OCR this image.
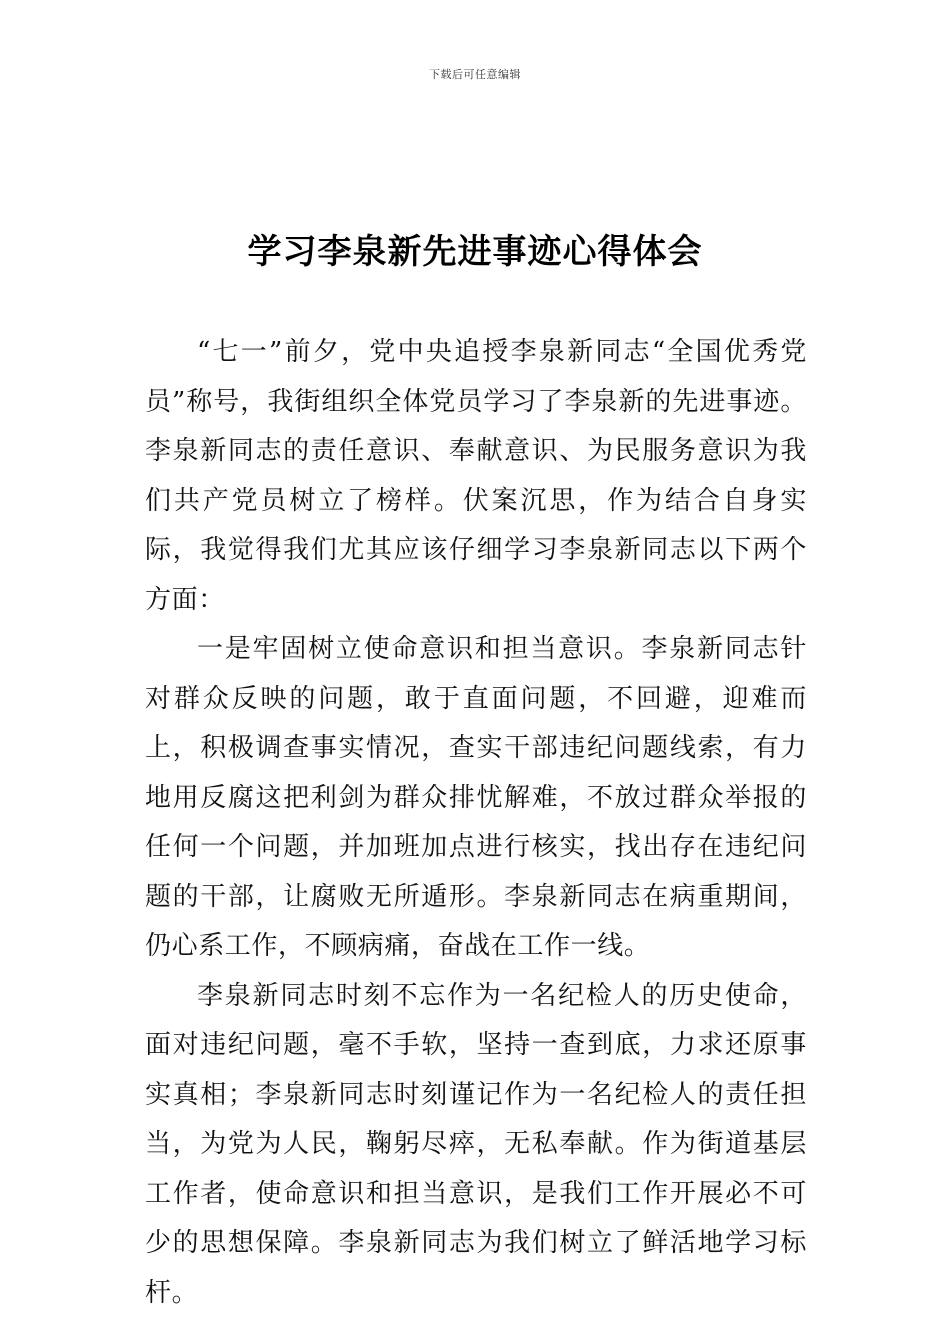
下载后可任意编辑
学习李泉新先进事迹心得体会

“七一”前夕，党中央追授李泉新同志“全国优秀党员”称号，我街组织全体党员学习了李泉新的先进事迹。李泉新同志的责任意识、奉献意识、为民服务意识为我们共产党员树立了榜样。伏案沉思，作为结合自身实际，我觉得我们尤其应该仔细学习李泉新同志以下两个方面：

一是牢固树立使命意识和担当意识。李泉新同志针对群众反映的问题，敢于直面问题，不回避，迎难而上，积极调查事实情况，查实干部违纪问题线索，有力地用反腐这把利剑为群众排忧解难，不放过群众举报的任何一个问题，并加班加点进行核实，找出存在违纪问题的干部，让腐败无所遁形。李泉新同志在病重期间，仍心系工作，不顾病痛，奋战在工作一线。

李泉新同志时刻不忘作为一名纪检人的历史使命，面对违纪问题，毫不手软，坚持一查到底，力求还原事实真相；李泉新同志时刻谨记作为一名纪检人的责任担当，为党为人民，鞠躬尽瘁，无私奉献。作为街道基层工作者，使命意识和担当意识，是我们工作开展必不可少的思想保障。李泉新同志为我们树立了鲜活地学习标杆。
